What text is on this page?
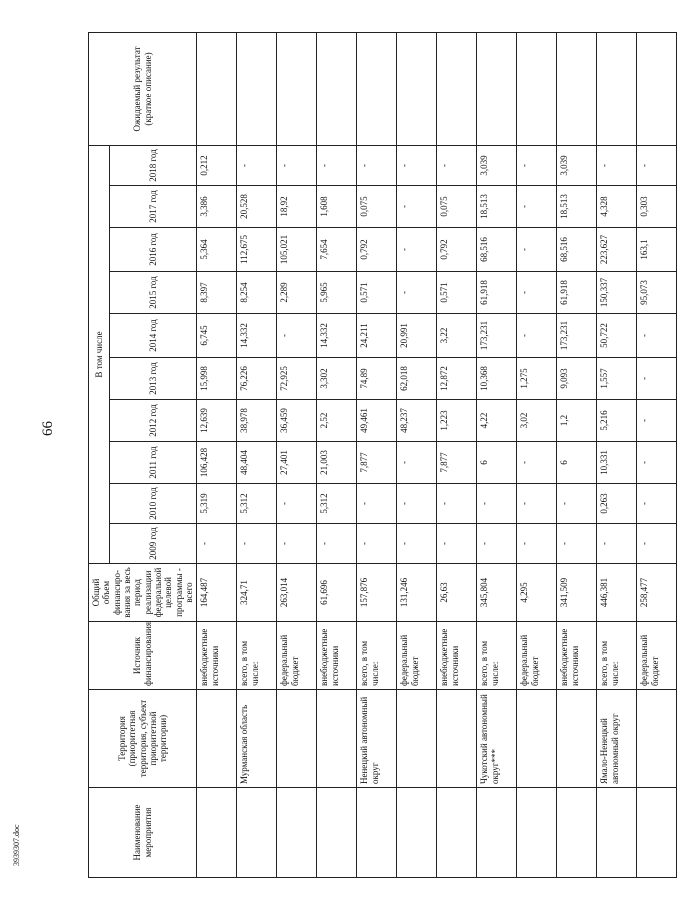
66
3939307.doc	Наименование мероприятия	Территория (приоритетная территория, субъект приоритетной территории)	Источник финансирования	Общий объем финансиро-вания за весь период реализации федеральной целевой программы - всего	В том числе										Ожидаемый результат (краткое описание)
				2009 год	2010 год	2011 год	2012 год	2013 год	2014 год	2015 год	2016 год	2017 год	2018 год	
		внебюджетные источники	164,487	-	5,319	106,428	12,639	15,998	6,745	8,397	5,364	3,386	0,212	
	Мурманская область	всего, в том числе:	324,71	-	5,312	48,404	38,978	76,226	14,332	8,254	112,675	20,528	-	
		федеральный бюджет	263,014	-	-	27,401	36,459	72,925	-	2,289	105,021	18,92	-	
		внебюджетные источники	61,696	-	5,312	21,003	2,52	3,302	14,332	5,965	7,654	1,608	-	
	Ненецкий автономный округ	всего, в том числе:	157,876	-	-	7,877	49,461	74,89	24,211	0,571	0,792	0,075	-	
		федеральный бюджет	131,246	-	-	-	48,237	62,018	20,991	-	-	-	-	
		внебюджетные источники	26,63	-	-	7,877	1,223	12,872	3,22	0,571	0,792	0,075	-	
	Чукотский автономный округ***	всего, в том числе:	345,804	-	-	6	4,22	10,368	173,231	61,918	68,516	18,513	3,039	
		федеральный бюджет	4,295	-	-	-	3,02	1,275	-	-	-	-	-	
		внебюджетные источники	341,509	-	-	6	1,2	9,093	173,231	61,918	68,516	18,513	3,039	
	Ямало-Ненецкий автономный округ	всего, в том числе:	446,381	-	0,263	10,331	5,216	1,557	50,722	150,337	223,627	4,328	-	
		федеральный бюджет	258,477	-	-	-	-	-	-	95,073	163,1	0,303	-	
